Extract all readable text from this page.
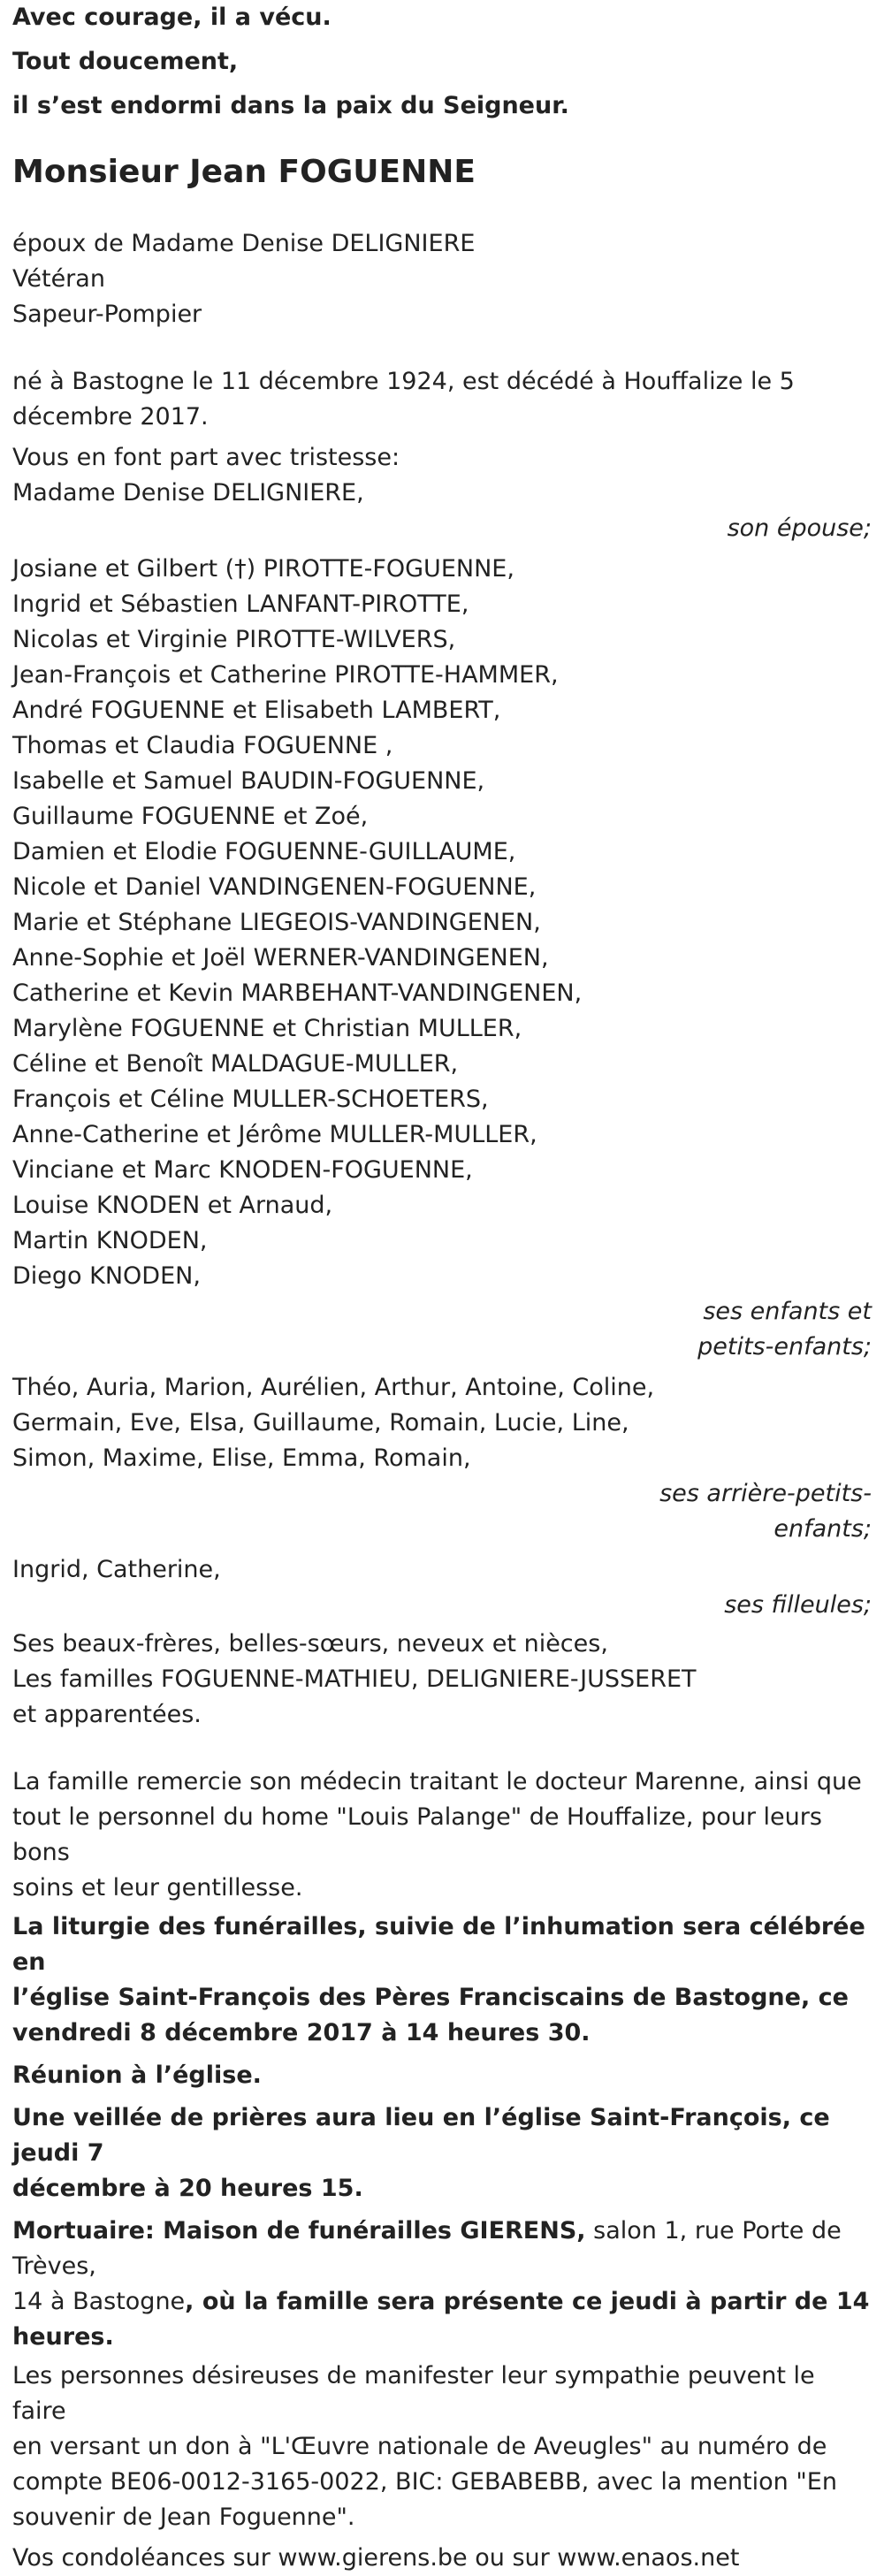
Avec courage, il a vécu.

Tout doucement,

il s’est endormi dans la paix du Seigneur.

Monsieur Jean FOGUENNE

époux de Madame Denise DELIGNIERE

Vétéran

Sapeur-Pompier

né à Bastogne le 11 décembre 1924, est décédé à Houffalize le 5

décembre 2017.

Vous en font part avec tristesse:

Madame Denise DELIGNIERE,

son épouse;

Josiane et Gilbert (†) PIROTTE-FOGUENNE,

Ingrid et Sébastien LANFANT-PIROTTE,

Nicolas et Virginie PIROTTE-WILVERS,

Jean-François et Catherine PIROTTE-HAMMER,

André FOGUENNE et Elisabeth LAMBERT,

Thomas et Claudia FOGUENNE ,

Isabelle et Samuel BAUDIN-FOGUENNE,

Guillaume FOGUENNE et Zoé,

Damien et Elodie FOGUENNE-GUILLAUME,

Nicole et Daniel VANDINGENEN-FOGUENNE,

Marie et Stéphane LIEGEOIS-VANDINGENEN,

Anne-Sophie et Joël WERNER-VANDINGENEN,

Catherine et Kevin MARBEHANT-VANDINGENEN,

Marylène FOGUENNE et Christian MULLER,

Céline et Benoît MALDAGUE-MULLER,

François et Céline MULLER-SCHOETERS,

Anne-Catherine et Jérôme MULLER-MULLER,

Vinciane et Marc KNODEN-FOGUENNE,

Louise KNODEN et Arnaud,

Martin KNODEN,

Diego KNODEN,

ses enfants et

petits-enfants;

Théo, Auria, Marion, Aurélien, Arthur, Antoine, Coline,

Germain, Eve, Elsa, Guillaume, Romain, Lucie, Line,

Simon, Maxime, Elise, Emma, Romain,

ses arrière-petits-

enfants;

Ingrid, Catherine,

ses filleules;

Ses beaux-frères, belles-sœurs, neveux et nièces,

Les familles FOGUENNE-MATHIEU, DELIGNIERE-JUSSERET

et apparentées.

La famille remercie son médecin traitant le docteur Marenne, ainsi que

tout le personnel du home "Louis Palange" de Houffalize, pour leurs bons

soins et leur gentillesse.

La liturgie des funérailles, suivie de l’inhumation sera célébrée en

l’église Saint-François des Pères Franciscains de Bastogne, ce

vendredi 8 décembre 2017 à 14 heures 30.

Réunion à l’église.

Une veillée de prières aura lieu en l’église Saint-François, ce jeudi 7

décembre à 20 heures 15.

Mortuaire: Maison de funérailles GIERENS, salon 1, rue Porte de Trèves,

14 à Bastogne, où la famille sera présente ce jeudi à partir de 14

heures.

Les personnes désireuses de manifester leur sympathie peuvent le faire

en versant un don à "L'Œuvre nationale de Aveugles" au numéro de

compte BE06-0012-3165-0022, BIC: GEBABEBB, avec la mention "En

souvenir de Jean Foguenne".

Vos condoléances sur www.gierens.be ou sur www.enaos.net
